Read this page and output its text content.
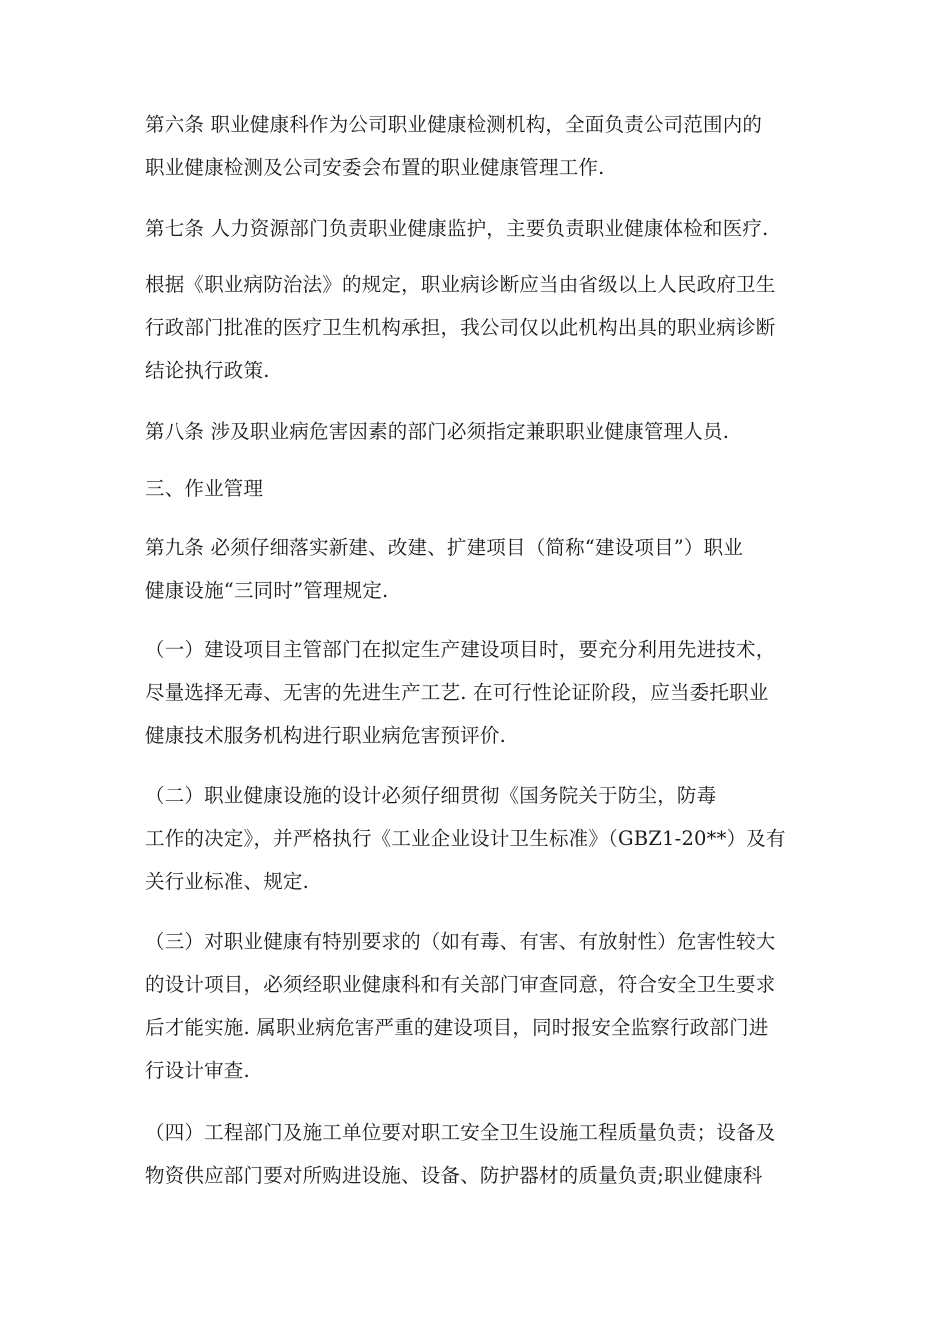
第六条 职业健康科作为公司职业健康检测机构，全面负责公司范围内的
职业健康检测及公司安委会布置的职业健康管理工作.
第七条 人力资源部门负责职业健康监护，主要负责职业健康体检和医疗.
根据《职业病防治法》的规定，职业病诊断应当由省级以上人民政府卫生
行政部门批准的医疗卫生机构承担，我公司仅以此机构出具的职业病诊断
结论执行政策.
第八条 涉及职业病危害因素的部门必须指定兼职职业健康管理人员.
三、作业管理
第九条 必须仔细落实新建、改建、扩建项目（简称“建设项目”）职业
健康设施“三同时”管理规定.
（一）建设项目主管部门在拟定生产建设项目时，要充分利用先进技术，
尽量选择无毒、无害的先进生产工艺. 在可行性论证阶段，应当委托职业
健康技术服务机构进行职业病危害预评价.
（二）职业健康设施的设计必须仔细贯彻《国务院关于防尘，防毒
工作的决定》，并严格执行《工业企业设计卫生标准》（GBZ1-20**）及有
关行业标准、规定.
（三）对职业健康有特别要求的（如有毒、有害、有放射性）危害性较大
的设计项目，必须经职业健康科和有关部门审查同意，符合安全卫生要求
后才能实施. 属职业病危害严重的建设项目，同时报安全监察行政部门进
行设计审查.
（四）工程部门及施工单位要对职工安全卫生设施工程质量负责；设备及
物资供应部门要对所购进设施、设备、防护器材的质量负责;职业健康科
